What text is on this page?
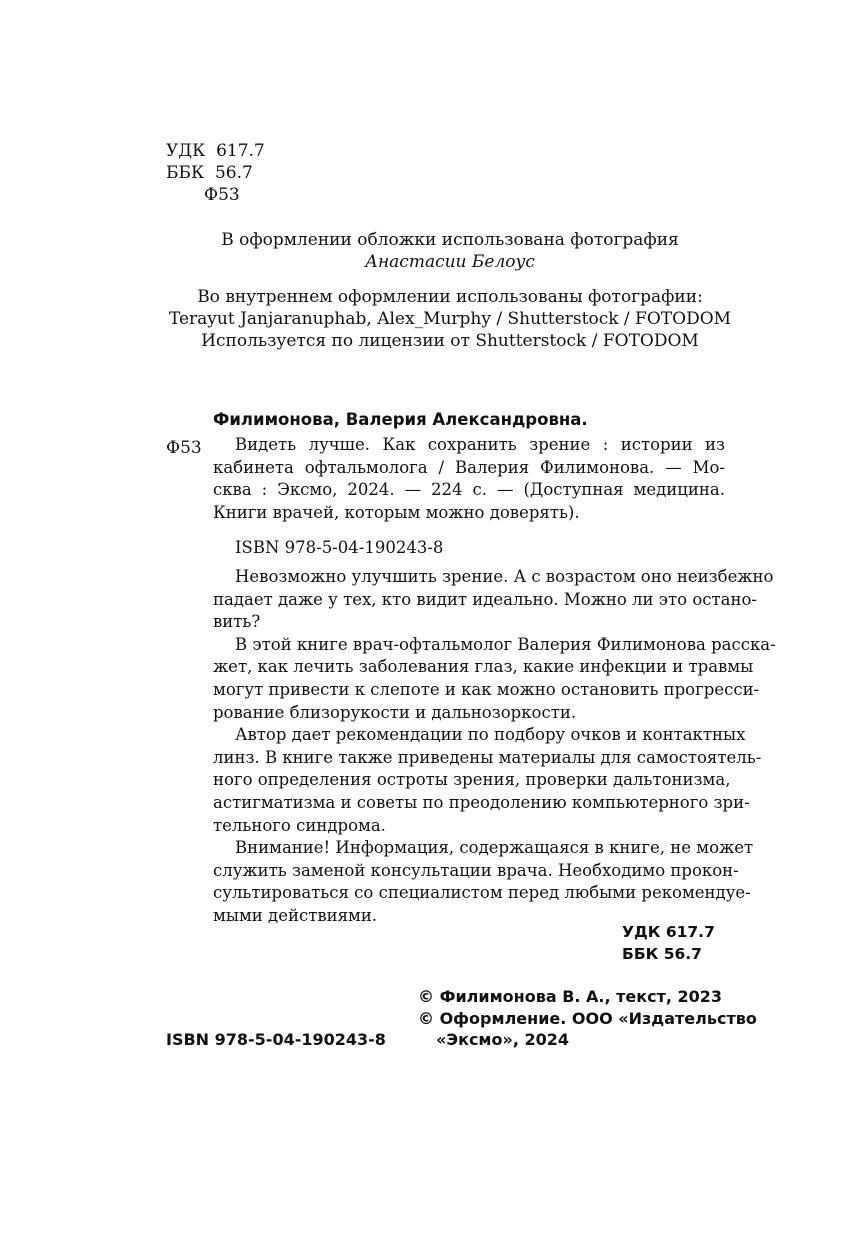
УДК  617.7
ББК  56.7
Ф53
В оформлении обложки использована фотография
Анастасии Белоус
Во внутреннем оформлении использованы фотографии:
Terayut Janjaranuphab, Alex_Murphy / Shutterstock / FOTODOM
Используется по лицензии от Shutterstock / FOTODOM
Филимонова, Валерия Александровна.
Ф53	Видеть лучше. Как сохранить зрение : истории из
кабинета офтальмолога / Валерия Филимонова. — Мо-
сква : Эксмо, 2024. — 224 с. — (Доступная медицина.
Книги врачей, которым можно доверять).
ISBN 978-5-04-190243-8
Невозможно улучшить зрение. А с возрастом оно неизбежно
падает даже у тех, кто видит идеально. Можно ли это остано-
вить?
В этой книге врач-офтальмолог Валерия Филимонова расска-
жет, как лечить заболевания глаз, какие инфекции и травмы
могут привести к слепоте и как можно остановить прогресси-
рование близорукости и дальнозоркости.
Автор дает рекомендации по подбору очков и контактных
линз. В книге также приведены материалы для самостоятель-
ного определения остроты зрения, проверки дальтонизма,
астигматизма и советы по преодолению компьютерного зри-
тельного синдрома.
Внимание! Информация, содержащаяся в книге, не может
служить заменой консультации врача. Необходимо прокон-
сультироваться со специалистом перед любыми рекомендуе-
мыми действиями.
УДК 617.7
ББК 56.7
© Филимонова В. А., текст, 2023
© Оформление. ООО «Издательство
«Эксмо», 2024
ISBN 978-5-04-190243-8
